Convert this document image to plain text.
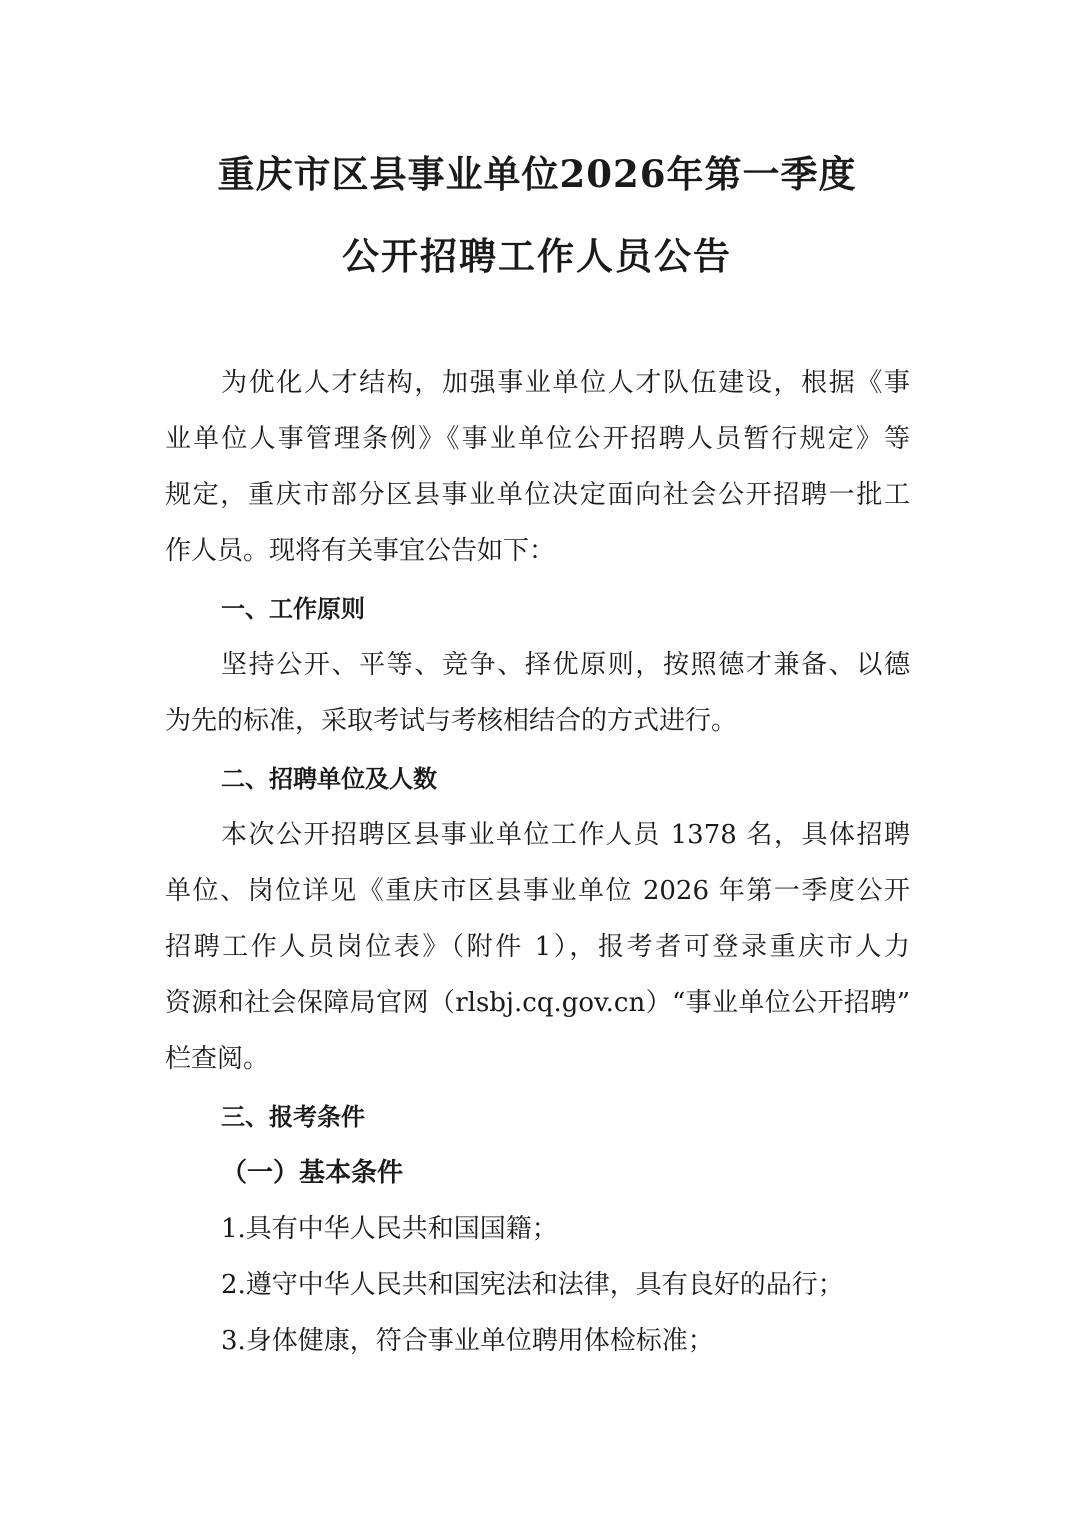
重庆市区县事业单位2026年第一季度
公开招聘工作人员公告
为优化人才结构，加强事业单位人才队伍建设，根据《事
业单位人事管理条例》《事业单位公开招聘人员暂行规定》等
规定，重庆市部分区县事业单位决定面向社会公开招聘一批工
作人员。现将有关事宜公告如下：
一、工作原则
坚持公开、平等、竞争、择优原则，按照德才兼备、以德
为先的标准，采取考试与考核相结合的方式进行。
二、招聘单位及人数
本次公开招聘区县事业单位工作人员 1378 名，具体招聘
单位、岗位详见《重庆市区县事业单位 2026 年第一季度公开
招聘工作人员岗位表》（附件 1），报考者可登录重庆市人力
资源和社会保障局官网（rlsbj.cq.gov.cn）“事业单位公开招聘”
栏查阅。
三、报考条件
（一）基本条件
1.具有中华人民共和国国籍；
2.遵守中华人民共和国宪法和法律，具有良好的品行；
3.身体健康，符合事业单位聘用体检标准；
